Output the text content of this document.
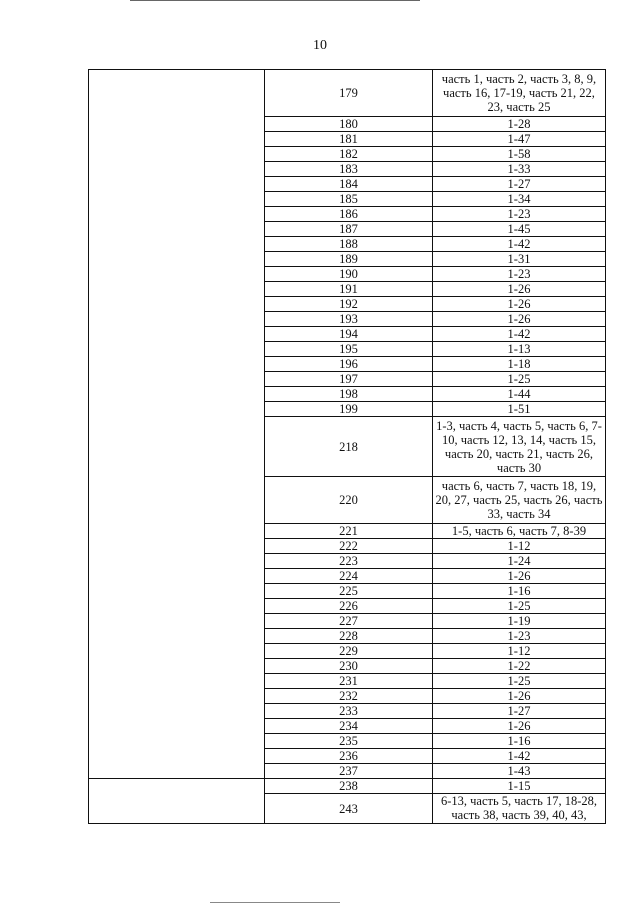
10
	179	часть 1, часть 2, часть 3, 8, 9, часть 16, 17-19, часть 21, 22, 23, часть 25
	180	1-28
	181	1-47
	182	1-58
	183	1-33
	184	1-27
	185	1-34
	186	1-23
	187	1-45
	188	1-42
	189	1-31
	190	1-23
	191	1-26
	192	1-26
	193	1-26
	194	1-42
	195	1-13
	196	1-18
	197	1-25
	198	1-44
	199	1-51
	218	1-3, часть 4, часть 5, часть 6, 7-10, часть 12, 13, 14, часть 15, часть 20, часть 21, часть 26, часть 30
	220	часть 6, часть 7, часть 18, 19, 20, 27, часть 25, часть 26, часть 33, часть 34
	221	1-5, часть 6, часть 7, 8-39
	222	1-12
	223	1-24
	224	1-26
	225	1-16
	226	1-25
	227	1-19
	228	1-23
	229	1-12
	230	1-22
	231	1-25
	232	1-26
	233	1-27
	234	1-26
	235	1-16
	236	1-42
	237	1-43
	238	1-15
	243	6-13, часть 5, часть 17, 18-28, часть 38, часть 39, 40, 43,
